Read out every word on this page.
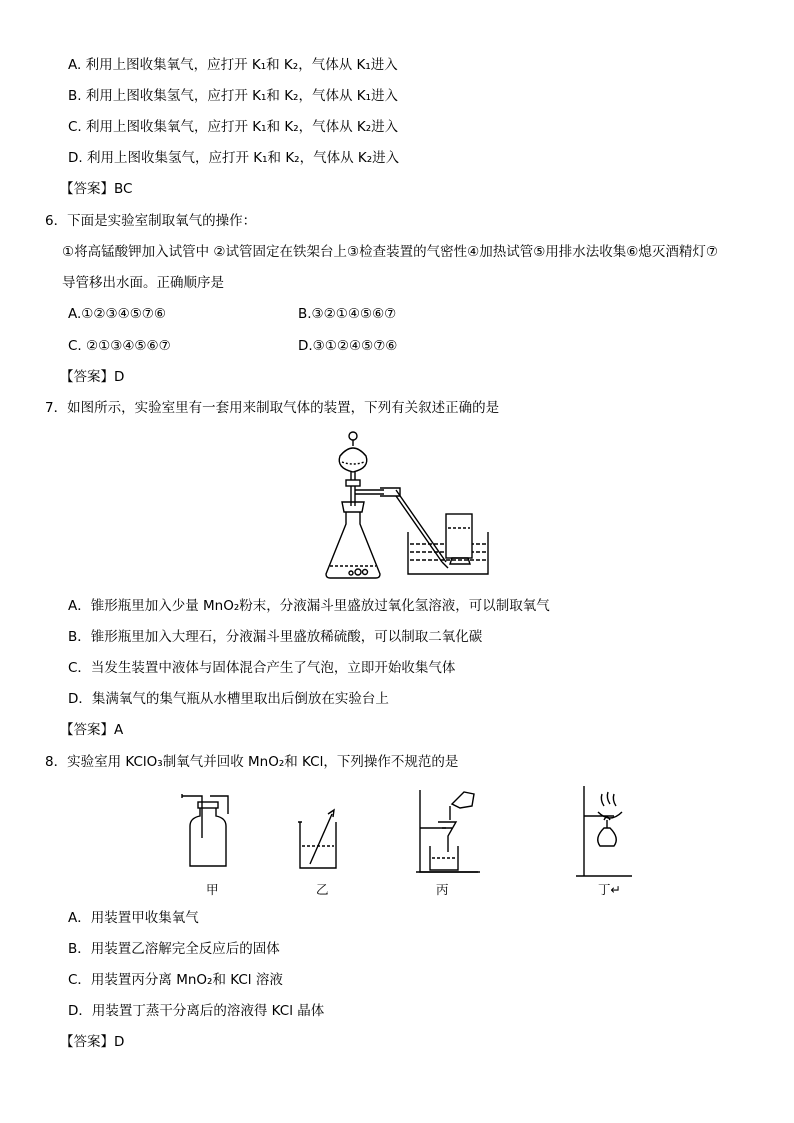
A. 利用上图收集氧气，应打开 K₁和 K₂，气体从 K₁进入
B. 利用上图收集氢气，应打开 K₁和 K₂，气体从 K₁进入
C. 利用上图收集氧气，应打开 K₁和 K₂，气体从 K₂进入
D. 利用上图收集氢气，应打开 K₁和 K₂，气体从 K₂进入
【答案】BC
6．下面是实验室制取氧气的操作：
①将高锰酸钾加入试管中 ②试管固定在铁架台上③检查装置的气密性④加热试管⑤用排水法收集⑥熄灭酒精灯⑦
导管移出水面。正确顺序是
A.①②③④⑤⑦⑥	B.③②①④⑤⑥⑦
C. ②①③④⑤⑥⑦	D.③①②④⑤⑦⑥
【答案】D
7．如图所示，实验室里有一套用来制取气体的装置，下列有关叙述正确的是
A．锥形瓶里加入少量 MnO₂粉末，分液漏斗里盛放过氧化氢溶液，可以制取氧气
B．锥形瓶里加入大理石，分液漏斗里盛放稀硫酸，可以制取二氧化碳
C．当发生装置中液体与固体混合产生了气泡，立即开始收集气体
D．集满氧气的集气瓶从水槽里取出后倒放在实验台上
【答案】A
8．实验室用 KClO₃制氧气并回收 MnO₂和 KCl，下列操作不规范的是
甲	乙	丙	丁↵
A．用装置甲收集氧气
B．用装置乙溶解完全反应后的固体
C．用装置丙分离 MnO₂和 KCl 溶液
D．用装置丁蒸干分离后的溶液得 KCl 晶体
【答案】D
